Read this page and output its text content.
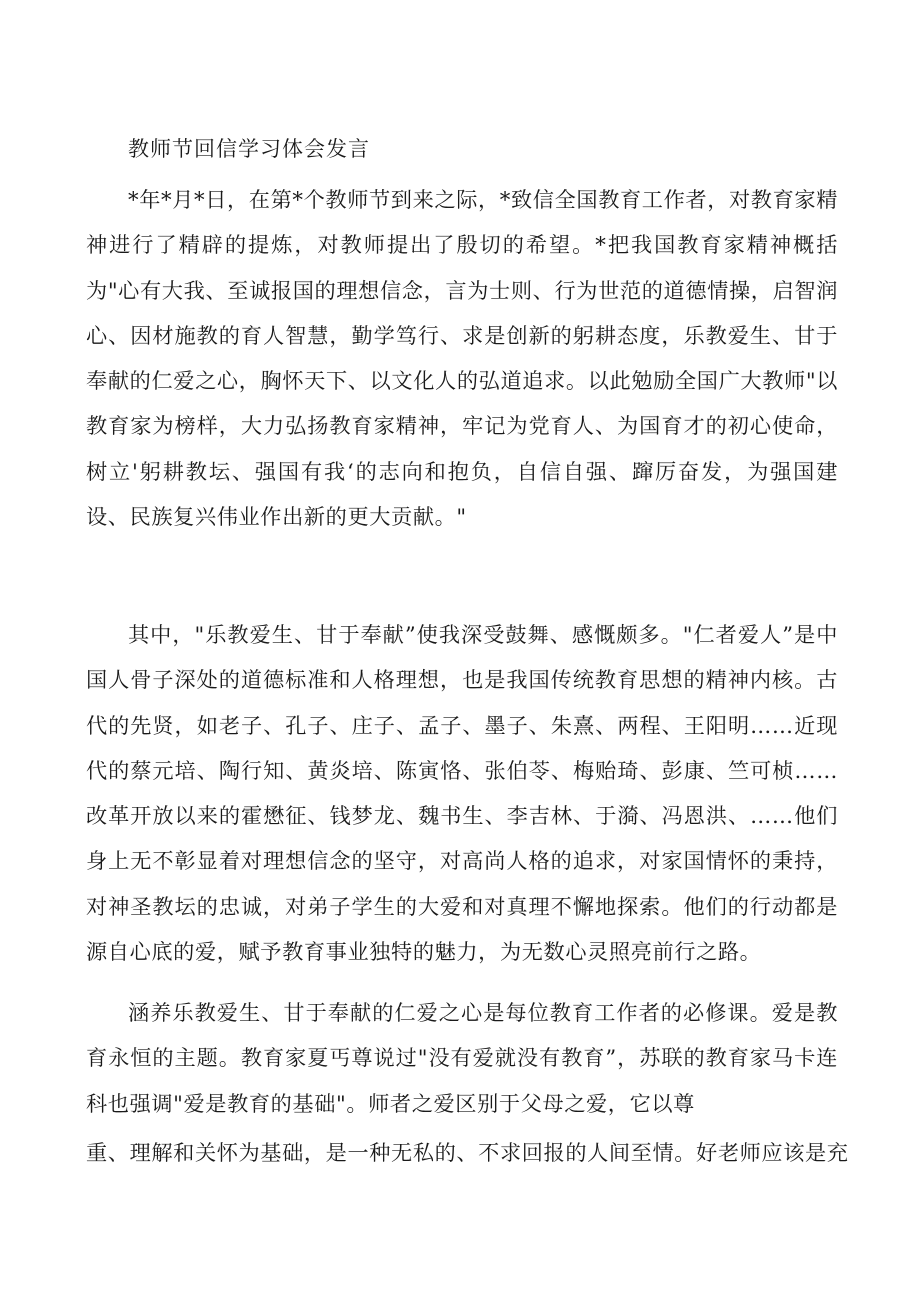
教师节回信学习体会发言

*年*月*日，在第*个教师节到来之际，*致信全国教育工作者，对教育家精神进行了精辟的提炼，对教师提出了殷切的希望。*把我国教育家精神概括为"心有大我、至诚报国的理想信念，言为士则、行为世范的道德情操，启智润心、因材施教的育人智慧，勤学笃行、求是创新的躬耕态度，乐教爱生、甘于奉献的仁爱之心，胸怀天下、以文化人的弘道追求。以此勉励全国广大教师"以教育家为榜样，大力弘扬教育家精神，牢记为党育人、为国育才的初心使命，树立'躬耕教坛、强国有我‘的志向和抱负，自信自强、蹿厉奋发，为强国建设、民族复兴伟业作出新的更大贡献。"

其中，"乐教爱生、甘于奉献”使我深受鼓舞、感慨颇多。"仁者爱人”是中国人骨子深处的道德标准和人格理想，也是我国传统教育思想的精神内核。古代的先贤，如老子、孔子、庄子、孟子、墨子、朱熹、两程、王阳明……近现代的蔡元培、陶行知、黄炎培、陈寅恪、张伯苓、梅贻琦、彭康、竺可桢……改革开放以来的霍懋征、钱梦龙、魏书生、李吉林、于漪、冯恩洪、……他们身上无不彰显着对理想信念的坚守，对高尚人格的追求，对家国情怀的秉持，对神圣教坛的忠诚，对弟子学生的大爱和对真理不懈地探索。他们的行动都是源自心底的爱，赋予教育事业独特的魅力，为无数心灵照亮前行之路。

涵养乐教爱生、甘于奉献的仁爱之心是每位教育工作者的必修课。爱是教育永恒的主题。教育家夏丐尊说过"没有爱就没有教育”，苏联的教育家马卡连科也强调"爱是教育的基础"。师者之爱区别于父母之爱，它以尊

重、理解和关怀为基础，是一种无私的、不求回报的人间至情。好老师应该是充
